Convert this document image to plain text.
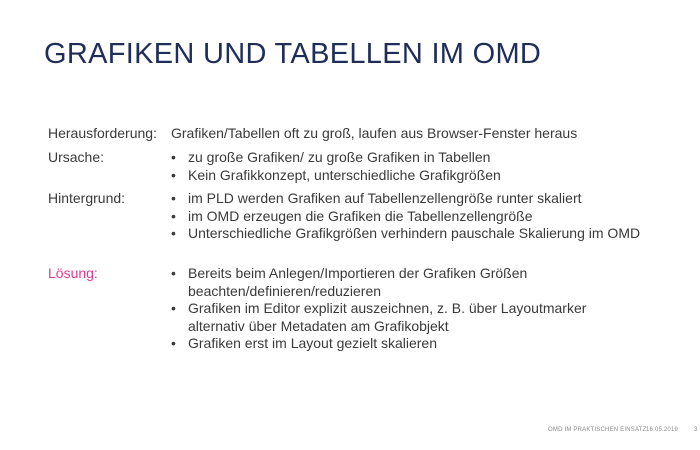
GRAFIKEN UND TABELLEN IM OMD
Herausforderung: Grafiken/Tabellen oft zu groß, laufen aus Browser-Fenster heraus
Ursache:	• zu große Grafiken/ zu große Grafiken in Tabellen
• Kein Grafikkonzept, unterschiedliche Grafikgrößen
Hintergrund:	• im PLD werden Grafiken auf Tabellenzellengröße runter skaliert
• im OMD erzeugen die Grafiken die Tabellenzellengröße
• Unterschiedliche Grafikgrößen verhindern pauschale Skalierung im OMD
Lösung:	• Bereits beim Anlegen/Importieren der Grafiken Größen
beachten/definieren/reduzieren
• Grafiken im Editor explizit auszeichnen, z. B. über Layoutmarker
alternativ über Metadaten am Grafikobjekt
• Grafiken erst im Layout gezielt skalieren
OMD IM PRAKTISCHEN EINSATZ 16.05.2019	3
